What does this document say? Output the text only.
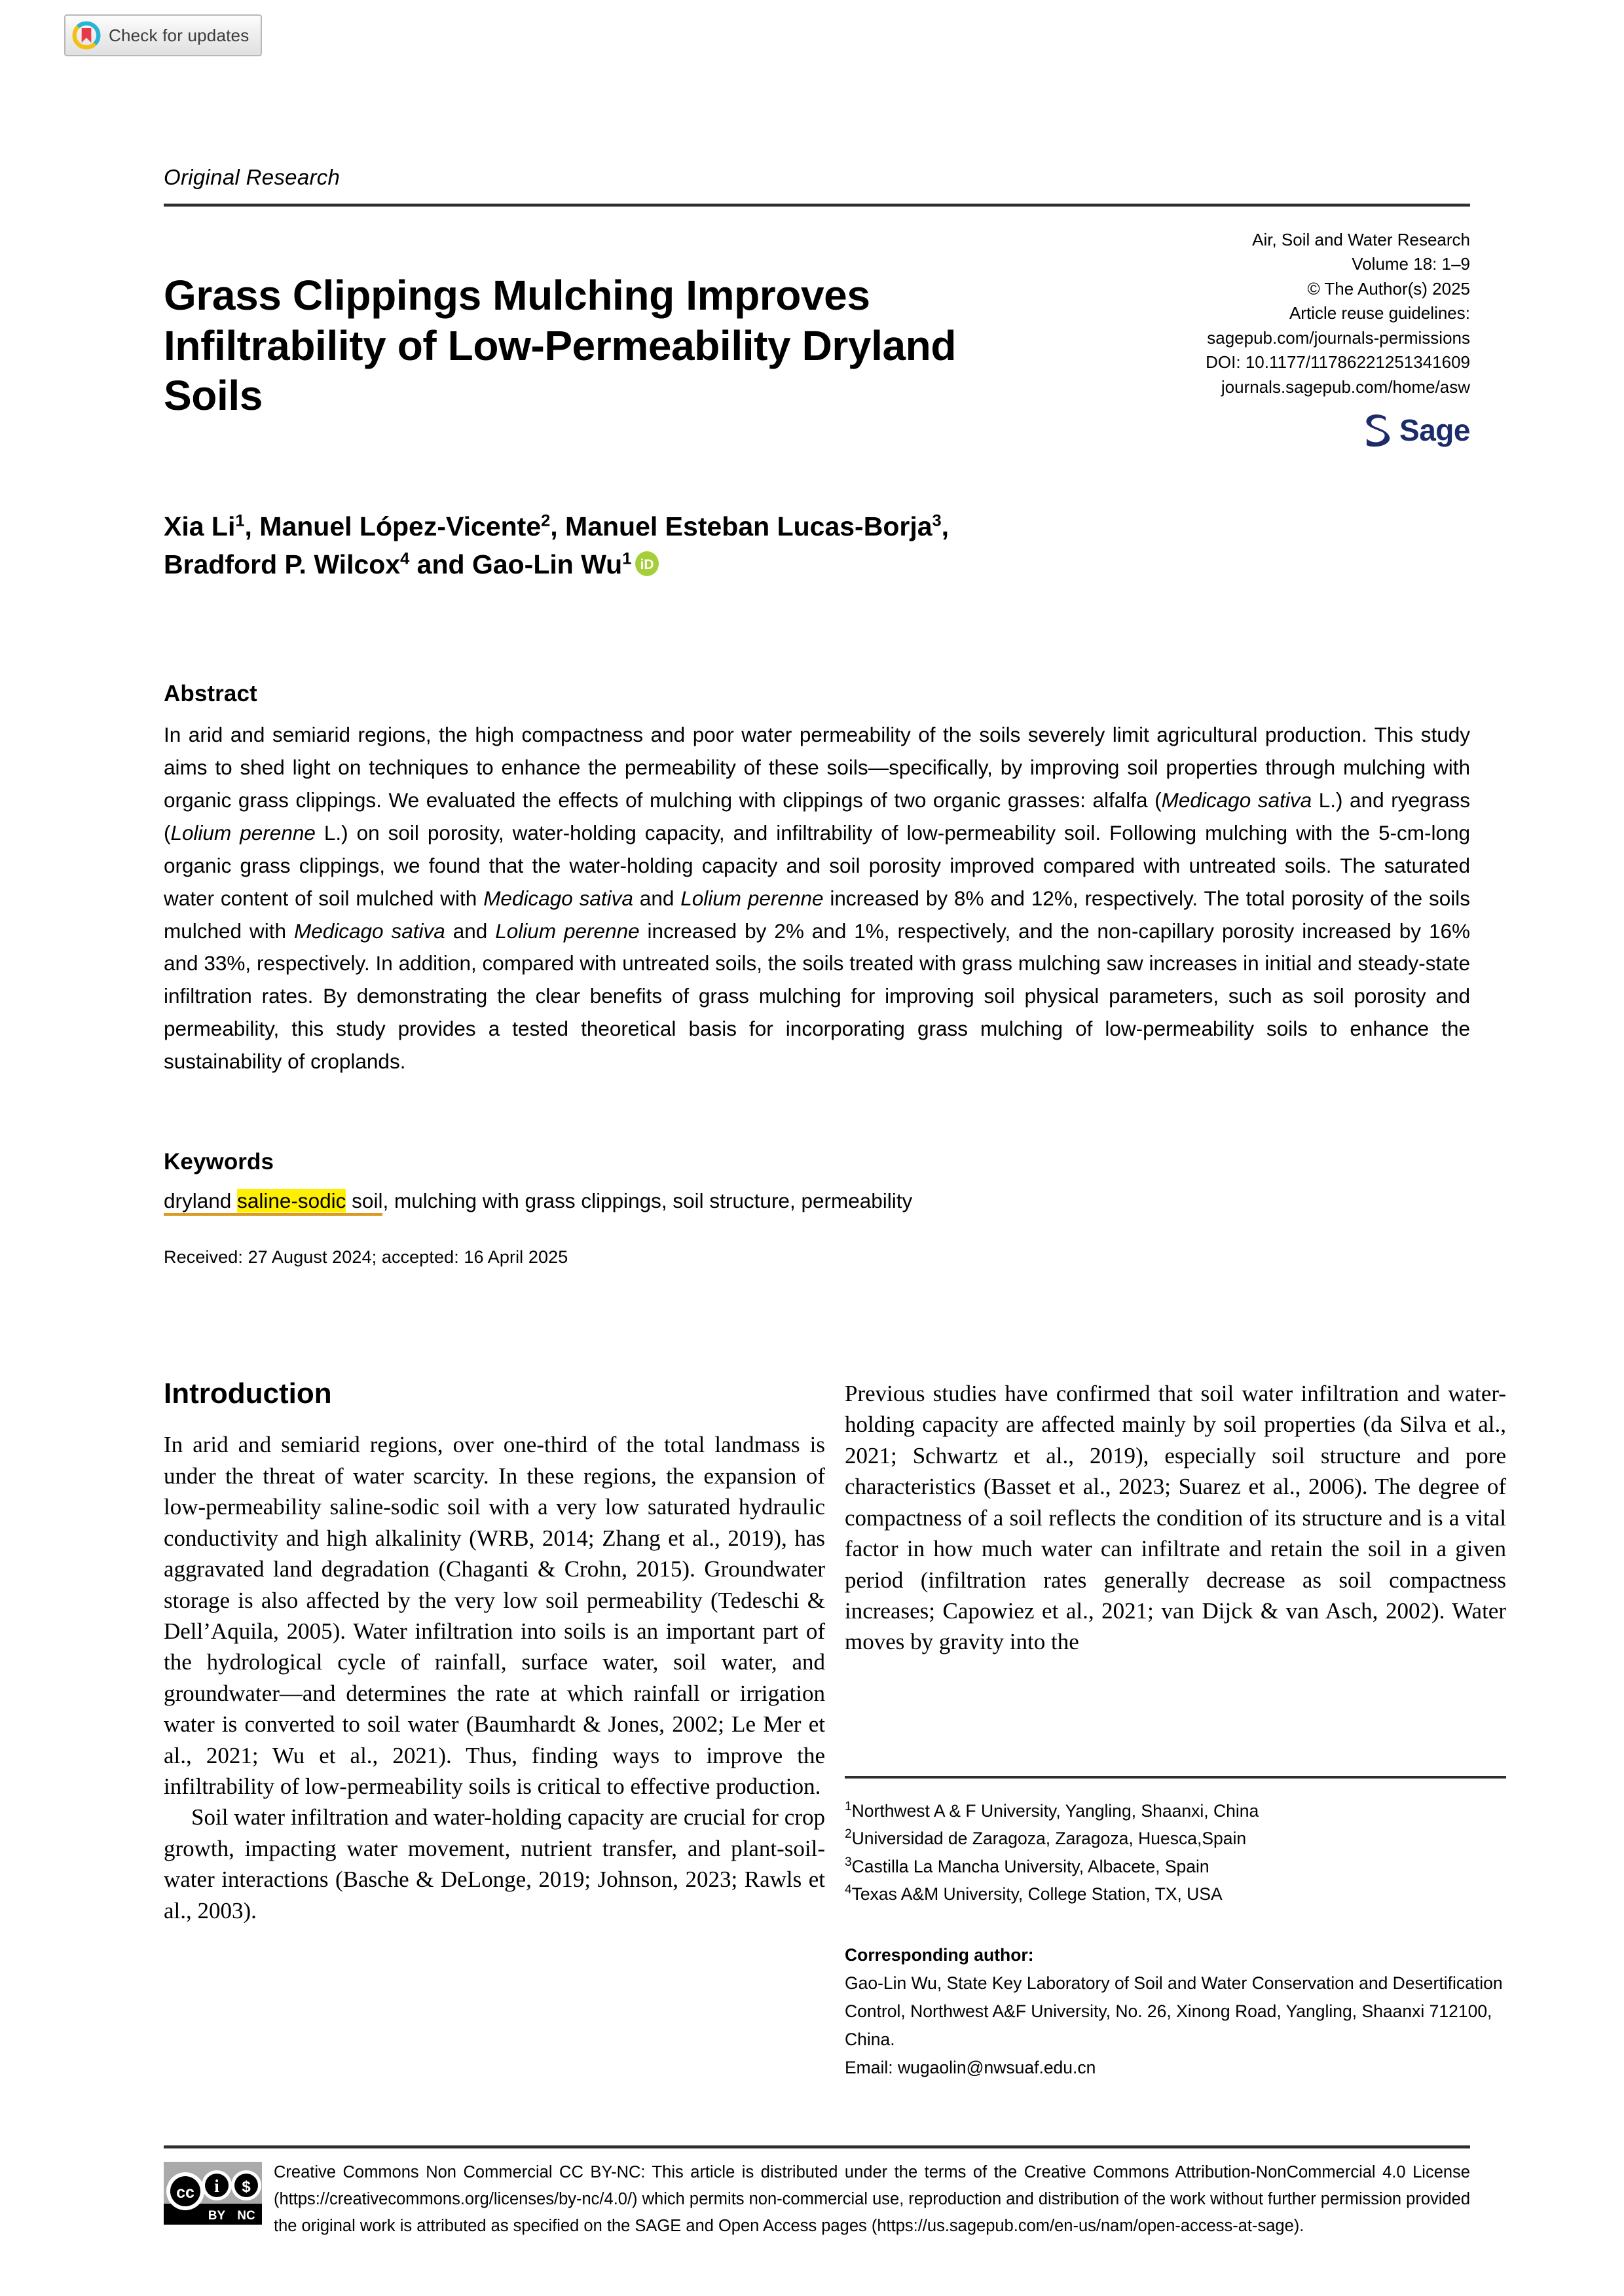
Check for updates
Original Research
Grass Clippings Mulching Improves Infiltrability of Low-Permeability Dryland Soils
Air, Soil and Water Research
Volume 18: 1–9
© The Author(s) 2025
Article reuse guidelines:
sagepub.com/journals-permissions
DOI: 10.1177/11786221251341609
journals.sagepub.com/home/asw
Sage
Xia Li$^1$, Manuel López-Vicente$^2$, Manuel Esteban Lucas-Borja$^3$,
Bradford P. Wilcox$^4$ and Gao-Lin Wu$^1$ iD
Abstract
In arid and semiarid regions, the high compactness and poor water permeability of the soils severely limit agricultural production. This study aims to shed light on techniques to enhance the permeability of these soils—specifically, by improving soil properties through mulching with organic grass clippings. We evaluated the effects of mulching with clippings of two organic grasses: alfalfa (Medicago sativa L.) and ryegrass (Lolium perenne L.) on soil porosity, water-holding capacity, and infiltrability of low-permeability soil. Following mulching with the 5-cm-long organic grass clippings, we found that the water-holding capacity and soil porosity improved compared with untreated soils. The saturated water content of soil mulched with Medicago sativa and Lolium perenne increased by 8% and 12%, respectively. The total porosity of the soils mulched with Medicago sativa and Lolium perenne increased by 2% and 1%, respectively, and the non-capillary porosity increased by 16% and 33%, respectively. In addition, compared with untreated soils, the soils treated with grass mulching saw increases in initial and steady-state infiltration rates. By demonstrating the clear benefits of grass mulching for improving soil physical parameters, such as soil porosity and permeability, this study provides a tested theoretical basis for incorporating grass mulching of low-permeability soils to enhance the sustainability of croplands.
Keywords
dryland saline-sodic soil, mulching with grass clippings, soil structure, permeability
Received: 27 August 2024; accepted: 16 April 2025
Introduction

In arid and semiarid regions, over one-third of the total landmass is under the threat of water scarcity. In these regions, the expansion of low-permeability saline-sodic soil with a very low saturated hydraulic conductivity and high alkalinity (WRB, 2014; Zhang et al., 2019), has aggravated land degradation (Chaganti & Crohn, 2015). Groundwater storage is also affected by the very low soil permeability (Tedeschi & Dell’Aquila, 2005). Water infiltration into soils is an important part of the hydrological cycle of rainfall, surface water, soil water, and groundwater—and determines the rate at which rainfall or irrigation water is converted to soil water (Baumhardt & Jones, 2002; Le Mer et al., 2021; Wu et al., 2021). Thus, finding ways to improve the infiltrability of low-permeability soils is critical to effective production.

Soil water infiltration and water-holding capacity are crucial for crop growth, impacting water movement, nutrient transfer, and plant-soil-water interactions (Basche & DeLonge, 2019; Johnson, 2023; Rawls et al., 2003).

Previous studies have confirmed that soil water infiltration and water-holding capacity are affected mainly by soil properties (da Silva et al., 2021; Schwartz et al., 2019), especially soil structure and pore characteristics (Basset et al., 2023; Suarez et al., 2006). The degree of compactness of a soil reflects the condition of its structure and is a vital factor in how much water can infiltrate and retain the soil in a given period (infiltration rates generally decrease as soil compactness increases; Capowiez et al., 2021; van Dijck & van Asch, 2002). Water moves by gravity into the

$^1$Northwest A & F University, Yangling, Shaanxi, China
$^2$Universidad de Zaragoza, Zaragoza, Huesca,Spain
$^3$Castilla La Mancha University, Albacete, Spain
$^4$Texas A&M University, College Station, TX, USA
Corresponding author:
Gao-Lin Wu, State Key Laboratory of Soil and Water Conservation and Desertification Control, Northwest A&F University, No. 26, Xinong Road, Yangling, Shaanxi 712100, China.
Email: wugaolin@nwsuaf.edu.cn
cc i $
BY NC
Creative Commons Non Commercial CC BY-NC: This article is distributed under the terms of the Creative Commons Attribution-NonCommercial 4.0 License (https://creativecommons.org/licenses/by-nc/4.0/) which permits non-commercial use, reproduction and distribution of the work without further permission provided the original work is attributed as specified on the SAGE and Open Access pages (https://us.sagepub.com/en-us/nam/open-access-at-sage).
